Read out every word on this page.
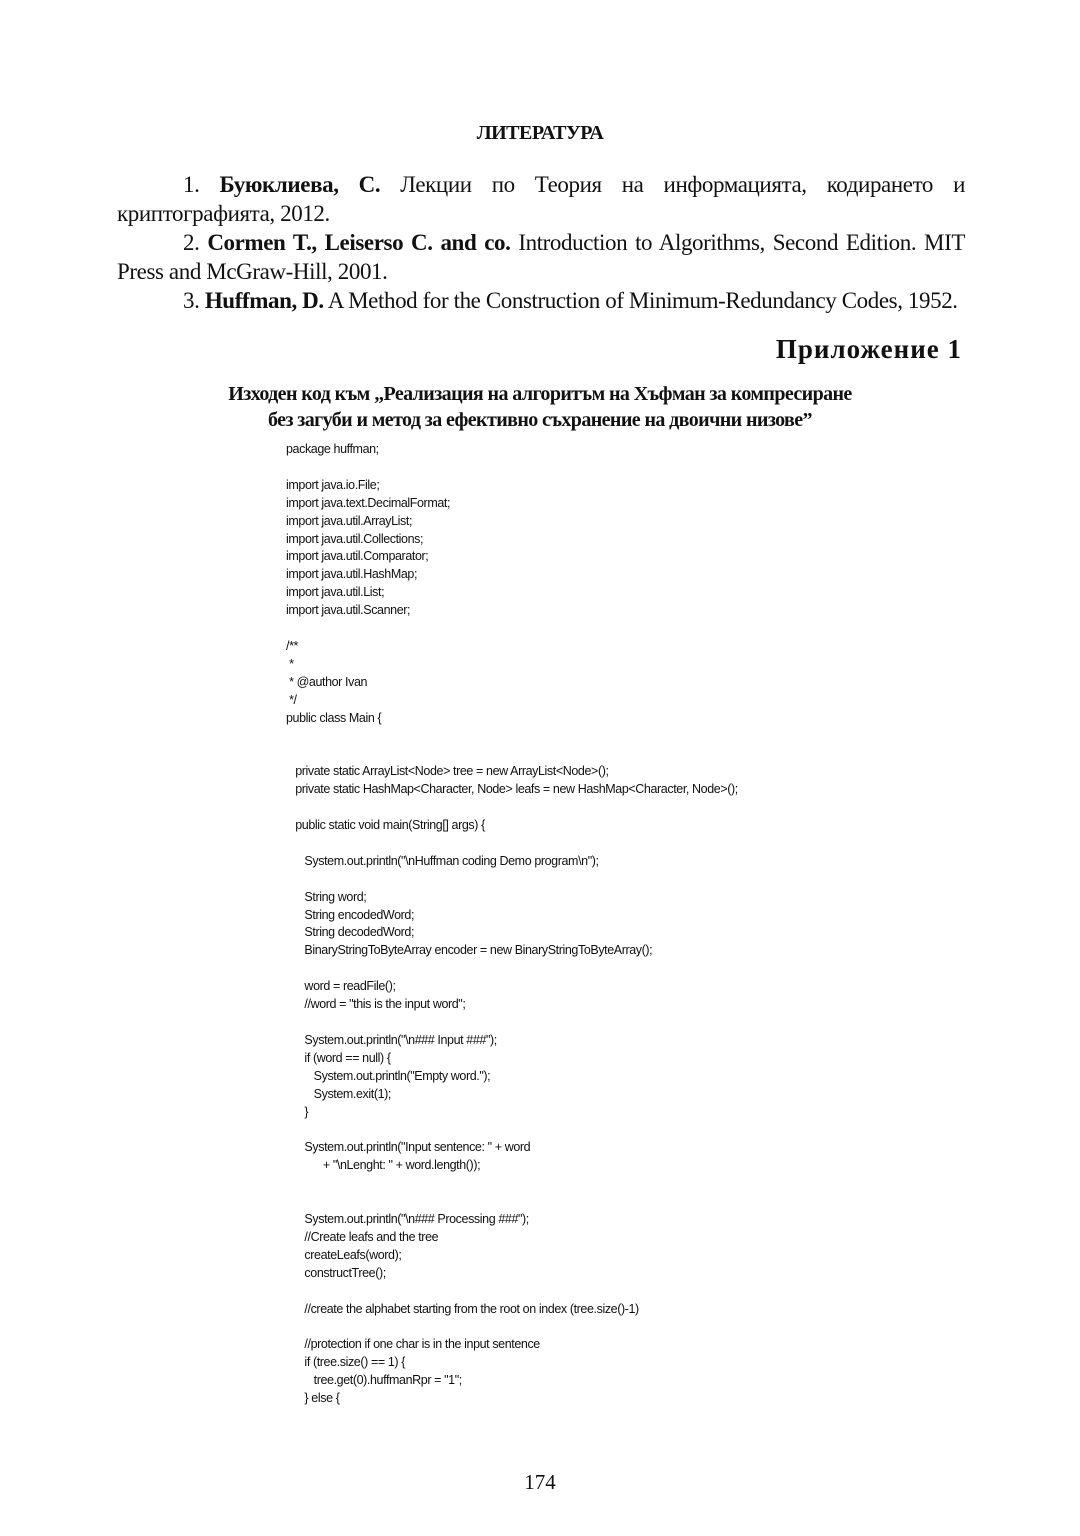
ЛИТЕРАТУРА

1. Буюклиева, С. Лекции по Теория на информацията, кодирането и криптографията, 2012.

2. Cormen T., Leiserso C. and co. Introduction to Algorithms, Second Edition. MIT Press and McGraw-Hill, 2001.

3. Huffman, D. A Method for the Construction of Minimum-Redundancy Codes, 1952.

Приложение 1
Изходен код към „Реализация на алгоритъм на Хъфман за компресиране
без загуби и метод за ефективно съхранение на двоични низове”
package huffman;

import java.io.File;
import java.text.DecimalFormat;
import java.util.ArrayList;
import java.util.Collections;
import java.util.Comparator;
import java.util.HashMap;
import java.util.List;
import java.util.Scanner;

/**
*
* @author Ivan
*/
public class Main {

private static ArrayList<Node> tree = new ArrayList<Node>();
private static HashMap<Character, Node> leafs = new HashMap<Character, Node>();

public static void main(String[] args) {

System.out.println("\nHuffman coding Demo program\n");

String word;
String encodedWord;
String decodedWord;
BinaryStringToByteArray encoder = new BinaryStringToByteArray();

word = readFile();
//word = "this is the input word";

System.out.println("\n### Input ###");
if (word == null) {
System.out.println("Empty word.");
System.exit(1);
}

System.out.println("Input sentence: " + word
+ "\nLenght: " + word.length());

System.out.println("\n### Processing ###");
//Create leafs and the tree
createLeafs(word);
constructTree();

//create the alphabet starting from the root on index (tree.size()-1)

//protection if one char is in the input sentence
if (tree.size() == 1) {
tree.get(0).huffmanRpr = "1";
} else {
174
